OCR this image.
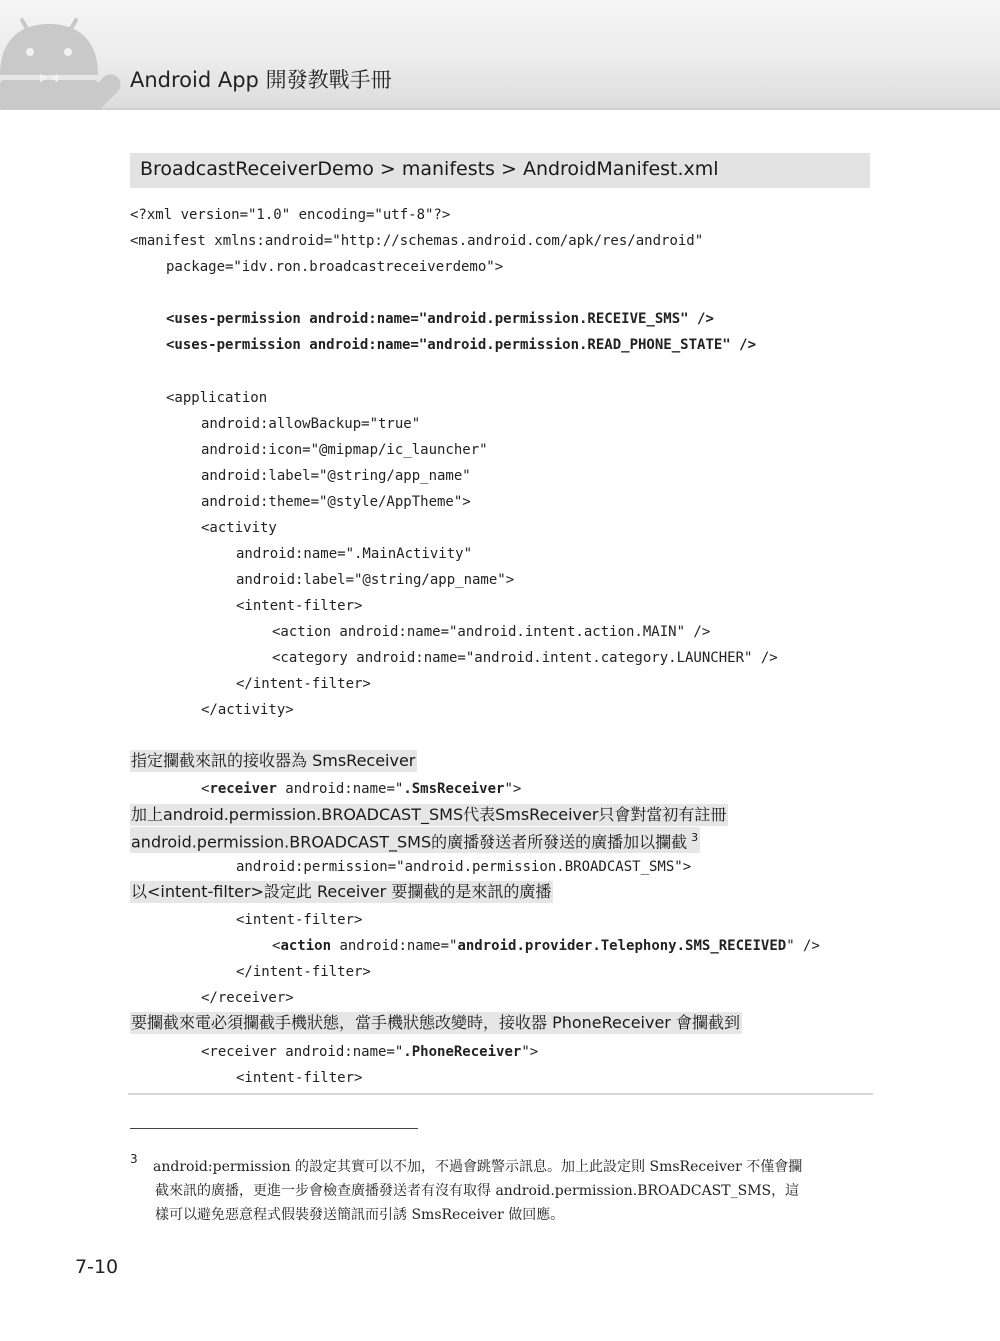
Android App 開發教戰手冊
BroadcastReceiverDemo > manifests > AndroidManifest.xml
<?xml version="1.0" encoding="utf-8"?>
<manifest xmlns:android="http://schemas.android.com/apk/res/android"
package="idv.ron.broadcastreceiverdemo">
<uses-permission android:name="android.permission.RECEIVE_SMS" />
<uses-permission android:name="android.permission.READ_PHONE_STATE" />
<application
android:allowBackup="true"
android:icon="@mipmap/ic_launcher"
android:label="@string/app_name"
android:theme="@style/AppTheme">
<activity
android:name=".MainActivity"
android:label="@string/app_name">
<intent-filter>
<action android:name="android.intent.action.MAIN" />
<category android:name="android.intent.category.LAUNCHER" />
</intent-filter>
</activity>
指定攔截來訊的接收器為 SmsReceiver
<receiver android:name=".SmsReceiver">
加上android.permission.BROADCAST_SMS代表SmsReceiver只會對當初有註冊
android.permission.BROADCAST_SMS的廣播發送者所發送的廣播加以攔截 $^3$
android:permission="android.permission.BROADCAST_SMS">
以<intent-filter>設定此 Receiver 要攔截的是來訊的廣播
<intent-filter>
<action android:name="android.provider.Telephony.SMS_RECEIVED" />
</intent-filter>
</receiver>
要攔截來電必須攔截手機狀態，當手機狀態改變時，接收器 PhoneReceiver 會攔截到
<receiver android:name=".PhoneReceiver">
<intent-filter>
3 android:permission 的設定其實可以不加，不過會跳警示訊息。加上此設定則 SmsReceiver 不僅會攔
截來訊的廣播，更進一步會檢查廣播發送者有沒有取得 android.permission.BROADCAST_SMS，這
樣可以避免惡意程式假裝發送簡訊而引誘 SmsReceiver 做回應。
7-10
